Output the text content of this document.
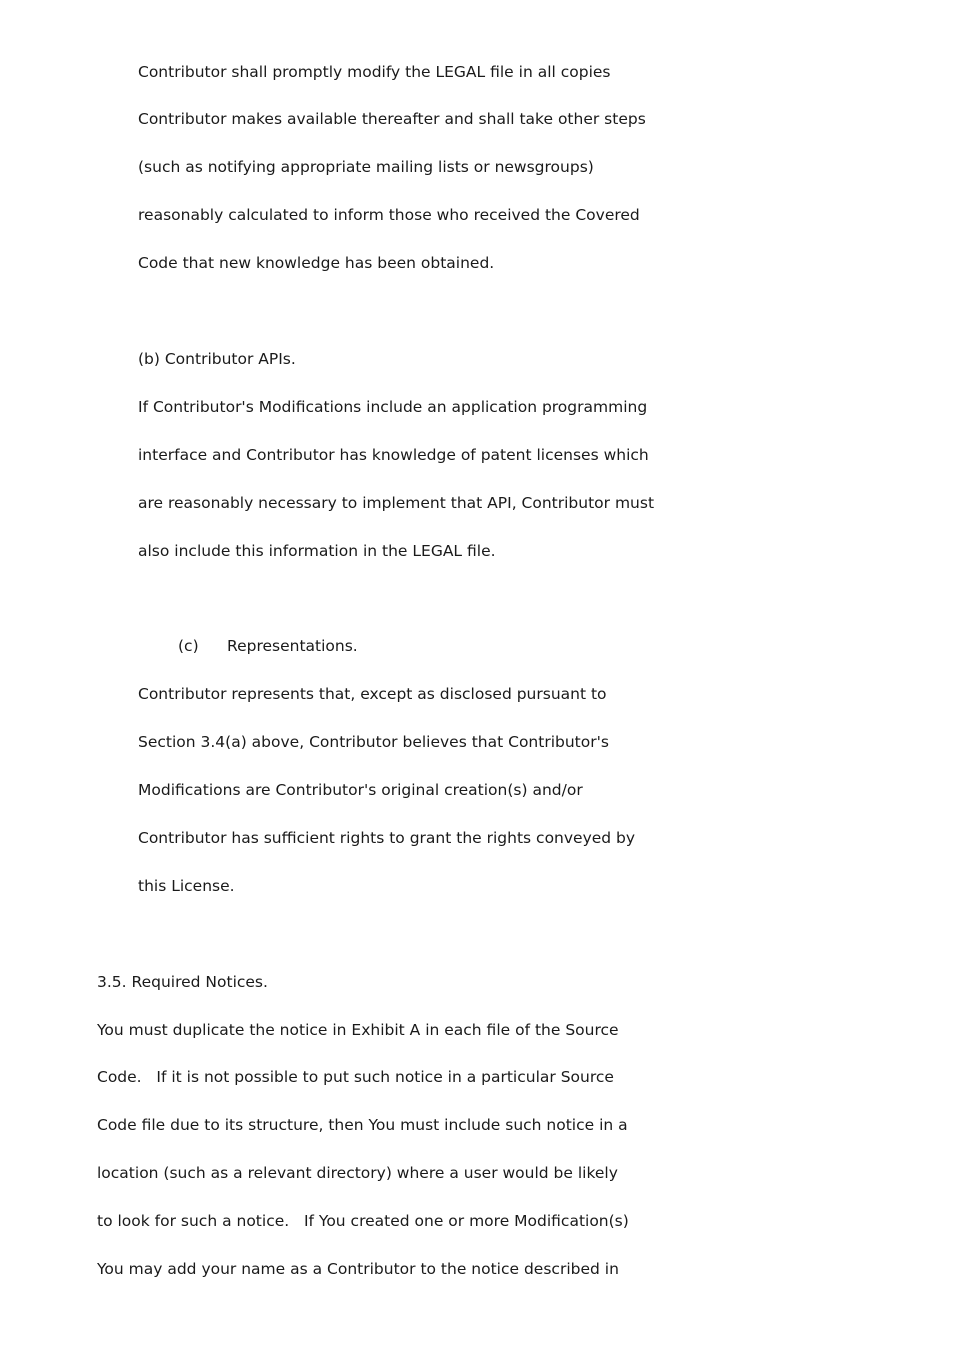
Contributor shall promptly modify the LEGAL file in all copies
Contributor makes available thereafter and shall take other steps
(such as notifying appropriate mailing lists or newsgroups)
reasonably calculated to inform those who received the Covered
Code that new knowledge has been obtained.
(b) Contributor APIs.
If Contributor's Modifications include an application programming
interface and Contributor has knowledge of patent licenses which
are reasonably necessary to implement that API, Contributor must
also include this information in the LEGAL file.
(c) Representations.
Contributor represents that, except as disclosed pursuant to
Section 3.4(a) above, Contributor believes that Contributor's
Modifications are Contributor's original creation(s) and/or
Contributor has sufficient rights to grant the rights conveyed by
this License.
3.5. Required Notices.
You must duplicate the notice in Exhibit A in each file of the Source
Code.   If it is not possible to put such notice in a particular Source
Code file due to its structure, then You must include such notice in a
location (such as a relevant directory) where a user would be likely
to look for such a notice.   If You created one or more Modification(s)
You may add your name as a Contributor to the notice described in
